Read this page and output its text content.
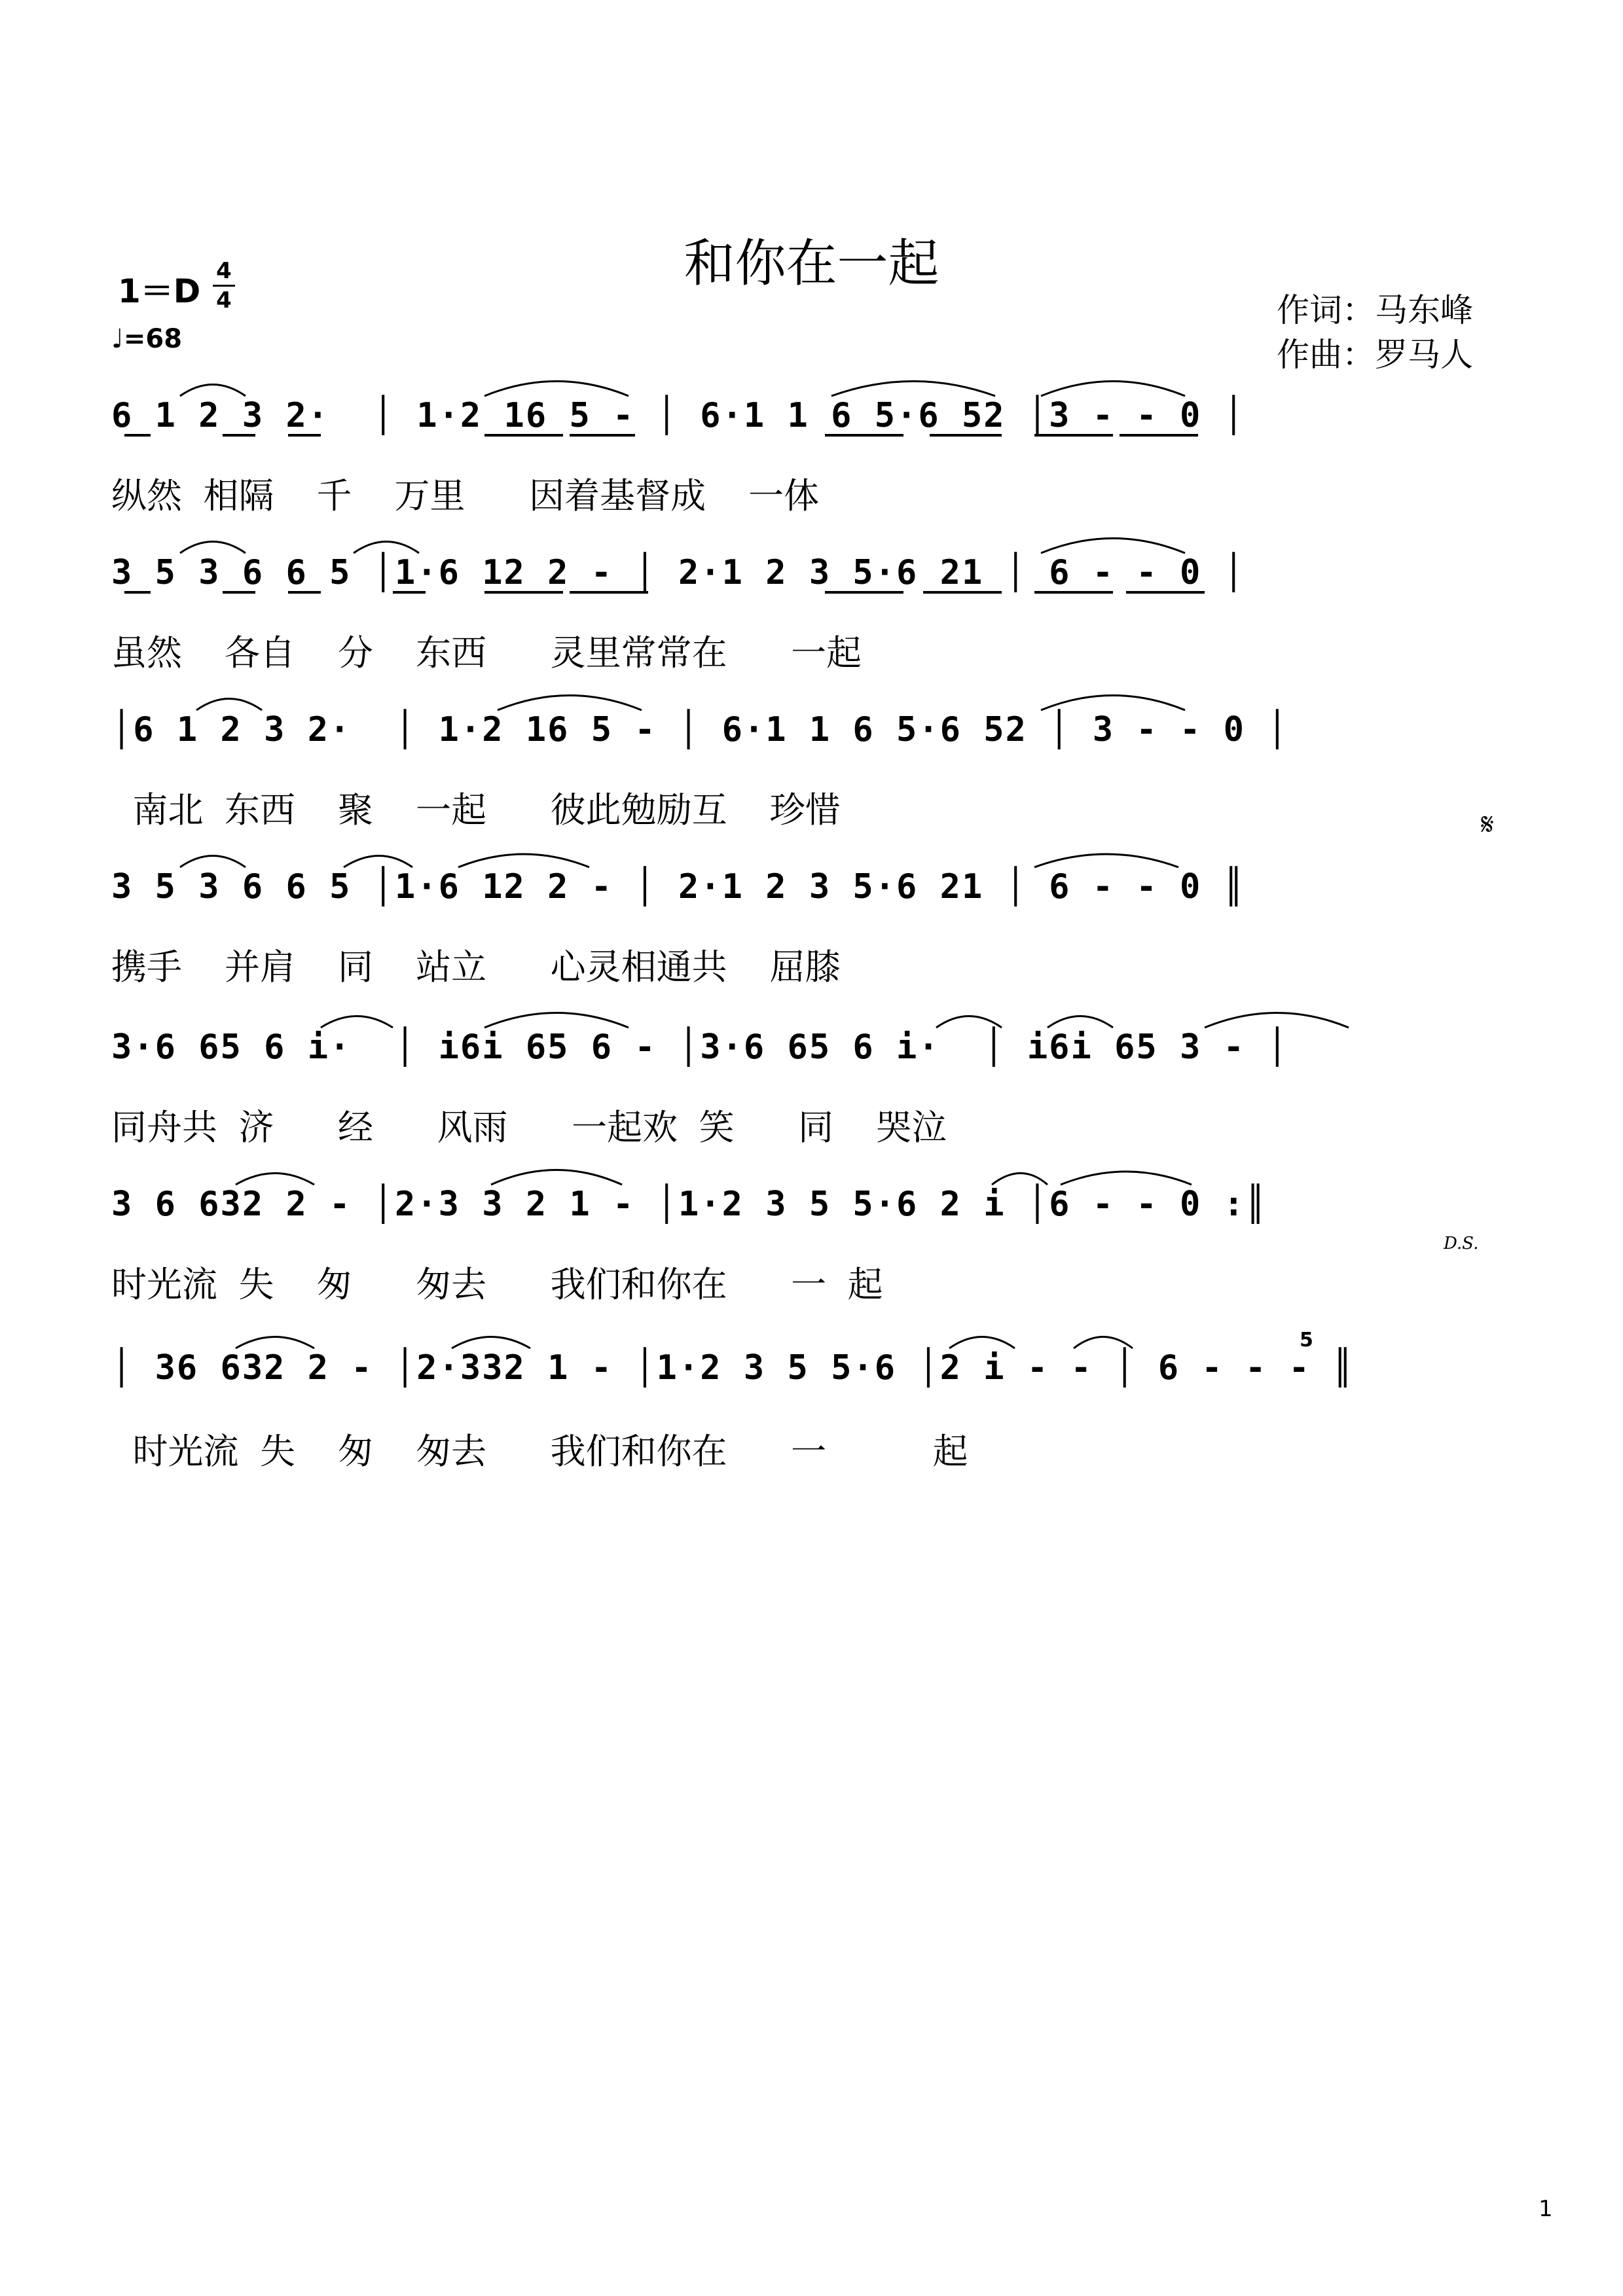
和你在一起
1＝D
4
4
♩=68
作词：马东峰
作曲：罗马人
6 1 2 3 2·  │ 1·2 16 5 - │ 6·1 1 6 5·6 52 │3 - - 0 │
纵然 相隔  千  万里   因着基督成  一体
3 5 3 6 6 5 │1·6 12 2 - │ 2·1 2 3 5·6 21 │ 6 - - 0 │
虽然  各自  分  东西   灵里常常在   一起
│6 1 2 3 2·  │ 1·2 16 5 - │ 6·1 1 6 5·6 52 │ 3 - - 0 │
南北 东西  聚  一起   彼此勉励互  珍惜	𝄋
3 5 3 6 6 5 │1·6 12 2 - │ 2·1 2 3 5·6 21 │ 6 - - 0 ║
携手  并肩  同  站立   心灵相通共  屈膝
3·6 65 6 i·  │ i6i 65 6 - │3·6 65 6 i·  │ i6i 65 3 - │
同舟共 济   经   风雨   一起欢 笑   同  哭泣
3 6 632 2 - │2·3 3 2 1 - │1·2 3 5 5·6 2 i │6 - - 0 :║
D.S.
时光流 失  匆   匆去   我们和你在   一 起
│ 36 632 2 - │2·332 1 - │1·2 3 5 5·6 │2 i - - │ 6 - - - ║
5
时光流 失  匆  匆去   我们和你在   一     起
1
